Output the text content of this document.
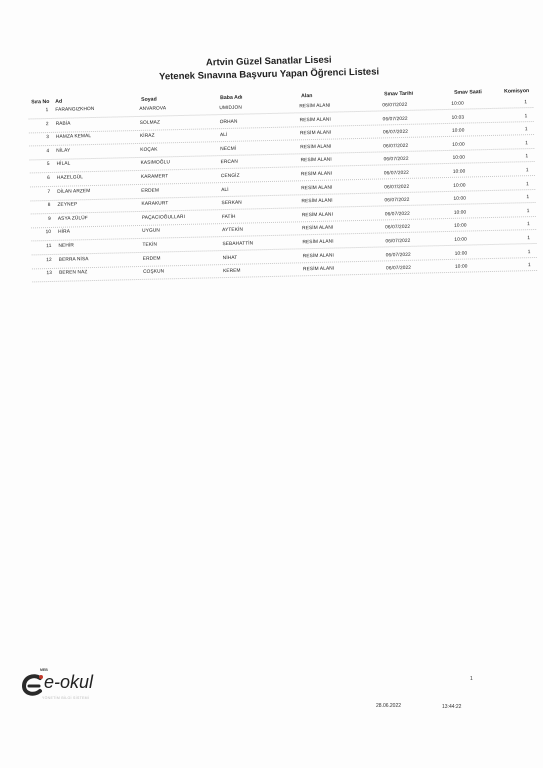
Artvin Güzel Sanatlar Lisesi
Yetenek Sınavına Başvuru Yapan Öğrenci Listesi
Sıra No Ad	Soyad	Baba Adı	Alan	Sınav Tarihi	Sınav Saati	Komisyon
1 FARANGIZKHON	ANVAROVA	UMIDJON	RESİM ALANI	06/07/2022	10:00	1
2 RABİA	SOLMAZ	ORHAN	RESİM ALANI	06/07/2022	10:03	1
3 HAMZA KEMAL	KİRAZ	ALİ	RESİM ALANI	06/07/2022	10:00	1
4 NİLAY	KOÇAK	NECMİ	RESİM ALANI	06/07/2022	10:00	1
5 HİLAL	KASIMOĞLU	ERCAN	RESİM ALANI	06/07/2022	10:00	1
6 HAZELGÜL	KARAMERT	CENGİZ	RESİM ALANI	06/07/2022	10:00	1
7 DİLAN ARZEM	ERDEM	ALİ	RESİM ALANI	06/07/2022	10:00	1
8 ZEYNEP	KARAKURT	SERKAN	RESİM ALANI	06/07/2022	10:00	1
9 ASYA ZÜLÜF	PAÇACIOĞULLARI	FATİH	RESİM ALANI	06/07/2022	10:00	1
10 HİRA	UYGUN	AYTEKİN	RESİM ALANI	06/07/2022	10:00	1
11 NEHİR	TEKİN	SEBAHATTİN	RESİM ALANI	06/07/2022	10:00	1
12 BERRA NİSA	ERDEM	NİHAT	RESİM ALANI	06/07/2022	10:00	1
13 BEREN NAZ	COŞKUN	KEREM	RESİM ALANI	06/07/2022	10:00	1
MEB
e-okul
YÖNETİM BİLGİ SİSTEMİ
1
28.06.2022	13:44:22
